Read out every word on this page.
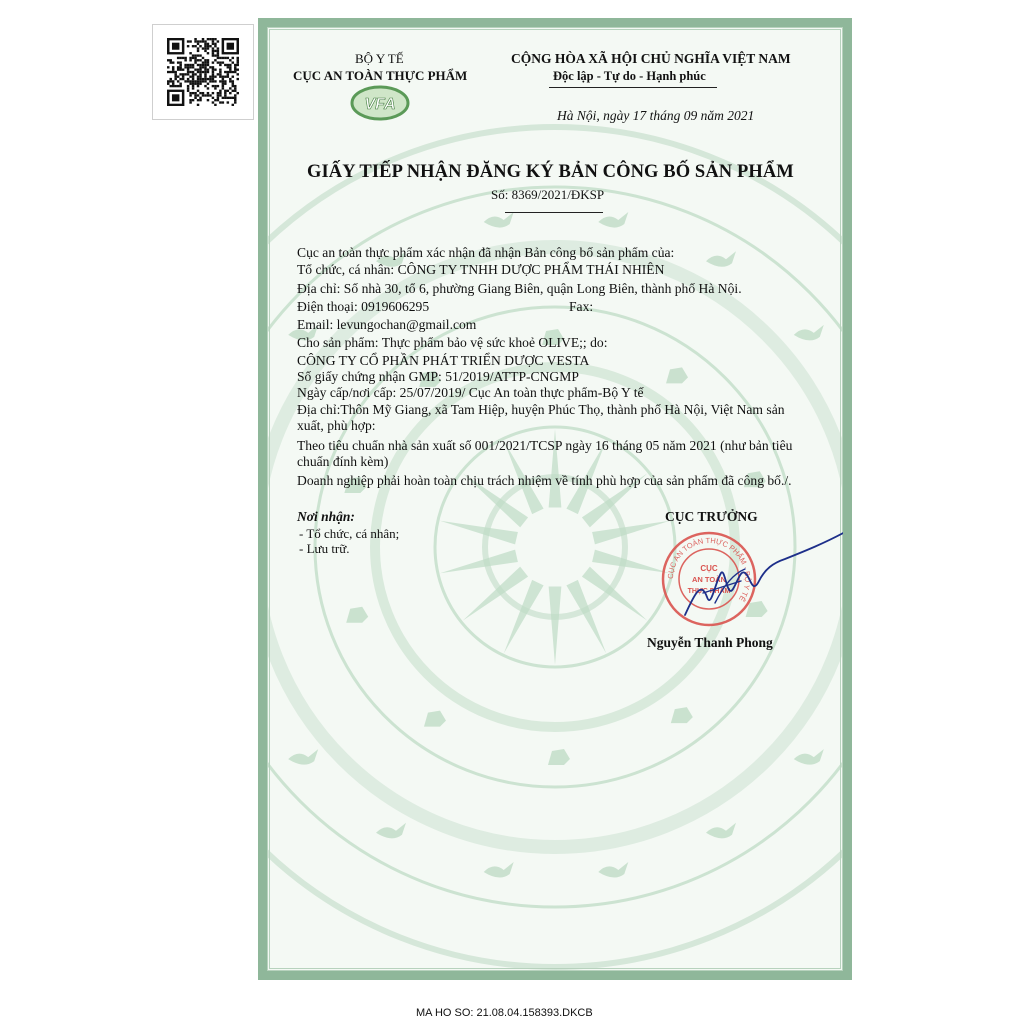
BỘ Y TẾ
CỤC AN TOÀN THỰC PHẨM
VFA
CỘNG HÒA XÃ HỘI CHỦ NGHĨA VIỆT NAM
Độc lập - Tự do - Hạnh phúc
Hà Nội, ngày 17 tháng 09 năm 2021
GIẤY TIẾP NHẬN ĐĂNG KÝ BẢN CÔNG BỐ SẢN PHẨM
Số: 8369/2021/ĐKSP
Cục an toàn thực phẩm xác nhận đã nhận Bản công bố sản phẩm của:
Tổ chức, cá nhân: CÔNG TY TNHH DƯỢC PHẨM THÁI NHIÊN
Địa chỉ: Số nhà 30, tổ 6, phường Giang Biên, quận Long Biên, thành phố Hà Nội.
Điện thoại: 0919606295	Fax:
Email: levungochan@gmail.com
Cho sản phẩm: Thực phẩm bảo vệ sức khoẻ OLIVE;; do:
CÔNG TY CỔ PHẦN PHÁT TRIỂN DƯỢC VESTA
Số giấy chứng nhận GMP: 51/2019/ATTP-CNGMP
Ngày cấp/nơi cấp: 25/07/2019/ Cục An toàn thực phẩm-Bộ Y tế
Địa chỉ:Thôn Mỹ Giang, xã Tam Hiệp, huyện Phúc Thọ, thành phố Hà Nội, Việt Nam sản
xuất, phù hợp:
Theo tiêu chuẩn nhà sản xuất số 001/2021/TCSP ngày 16 tháng 05 năm 2021 (như bản tiêu
chuẩn đính kèm)
Doanh nghiệp phải hoàn toàn chịu trách nhiệm về tính phù hợp của sản phẩm đã công bố./.
Nơi nhận:
- Tổ chức, cá nhân;
- Lưu trữ.
CỤC TRƯỞNG
CỤC AN TOÀN THỰC PHẨM · BỘ Y TẾ
CỤC
AN TOÀN
THỰC PHẨM
Nguyễn Thanh Phong
MA HO SO: 21.08.04.158393.DKCB
